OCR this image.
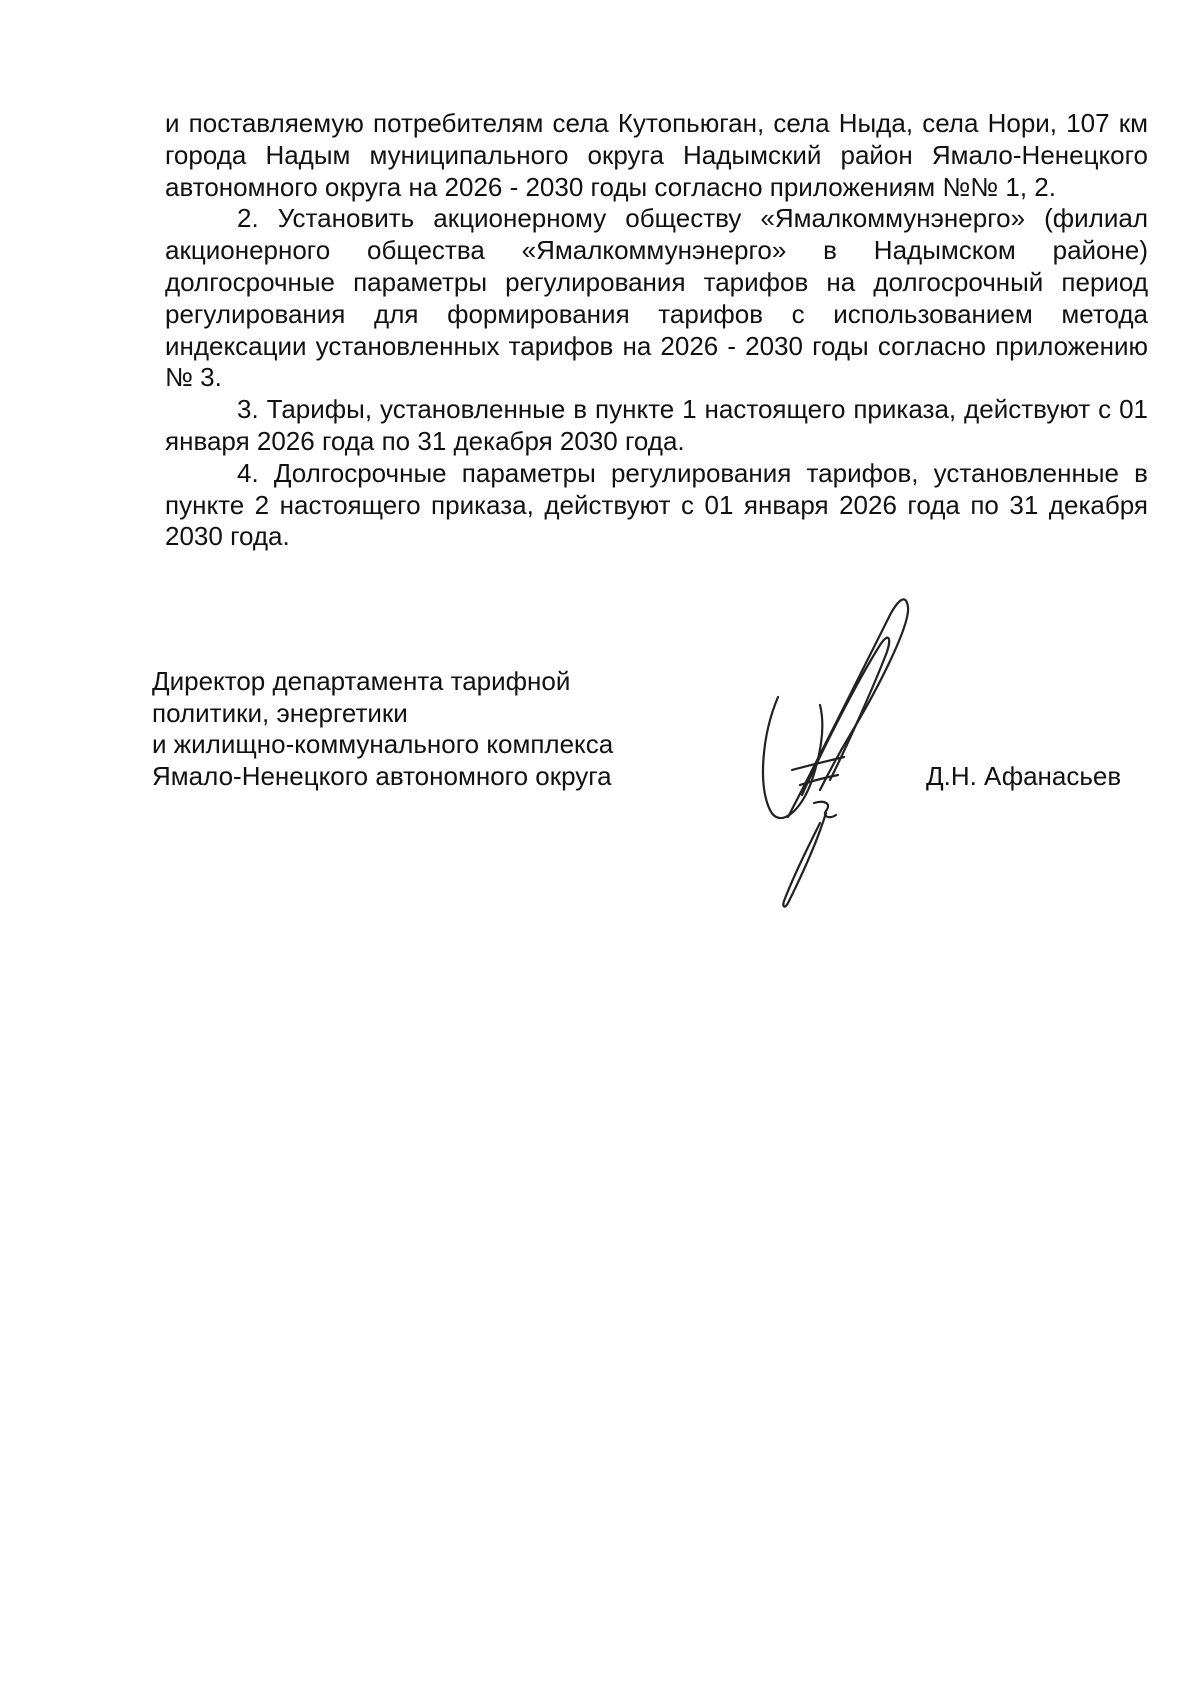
и поставляемую потребителям села Кутопьюган, села Ныда, села Нори, 107 км города Надым муниципального округа Надымский район Ямало-Ненецкого автономного округа на 2026 - 2030 годы согласно приложениям №№ 1, 2.

2. Установить акционерному обществу «Ямалкоммунэнерго» (филиал акционерного общества «Ямалкоммунэнерго» в Надымском районе) долгосрочные параметры регулирования тарифов на долгосрочный период регулирования для формирования тарифов с использованием метода индексации установленных тарифов на 2026 - 2030 годы согласно приложению № 3.

3. Тарифы, установленные в пункте 1 настоящего приказа, действуют с 01 января 2026 года по 31 декабря 2030 года.

4. Долгосрочные параметры регулирования тарифов, установленные в пункте 2 настоящего приказа, действуют с 01 января 2026 года по 31 декабря 2030 года.

Директор департамента тарифной
политики, энергетики
и жилищно-коммунального комплекса
Ямало-Ненецкого автономного округа	Д.Н. Афанасьев
